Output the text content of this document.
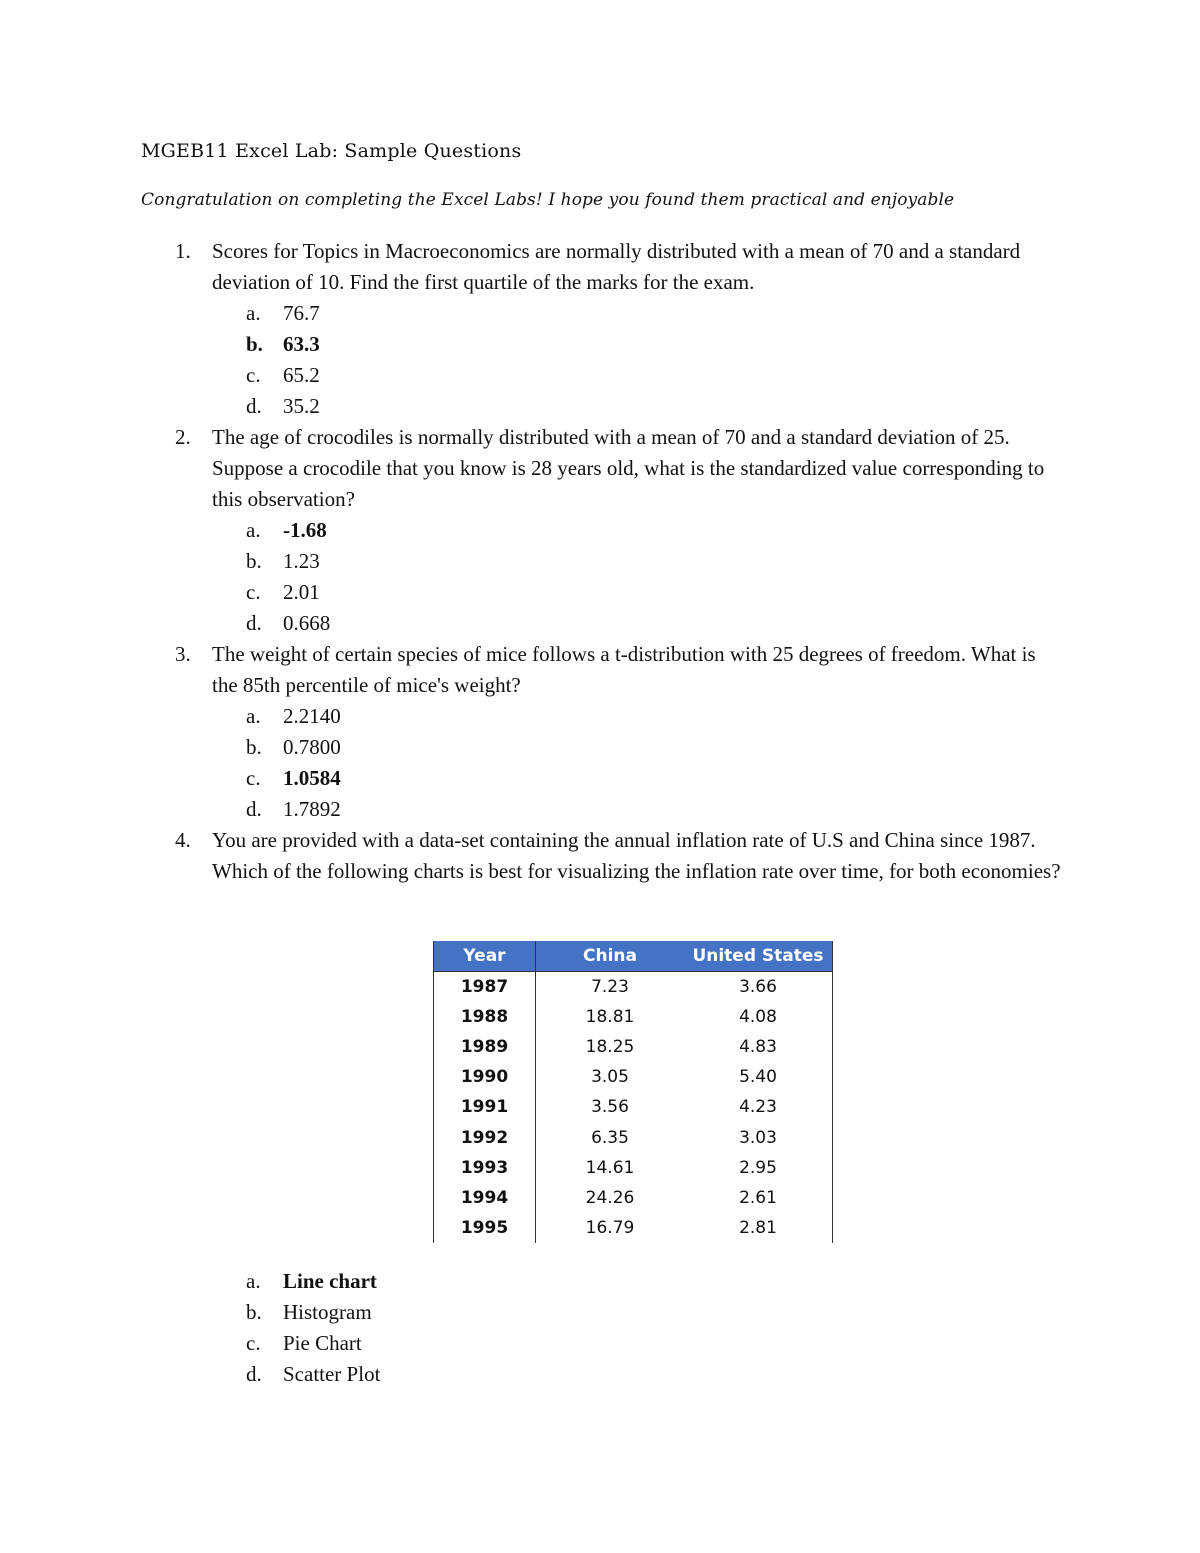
MGEB11 Excel Lab: Sample Questions

Congratulation on completing the Excel Labs! I hope you found them practical and enjoyable

1. Scores for Topics in Macroeconomics are normally distributed with a mean of 70 and a standard deviation of 10. Find the first quartile of the marks for the exam.
a. 76.7
b. 63.3
c. 65.2
d. 35.2
2. The age of crocodiles is normally distributed with a mean of 70 and a standard deviation of 25. Suppose a crocodile that you know is 28 years old, what is the standardized value corresponding to this observation?
a. -1.68
b. 1.23
c. 2.01
d. 0.668
3. The weight of certain species of mice follows a t-distribution with 25 degrees of freedom. What is the 85th percentile of mice's weight?
a. 2.2140
b. 0.7800
c. 1.0584
d. 1.7892
4. You are provided with a data-set containing the annual inflation rate of U.S and China since 1987. Which of the following charts is best for visualizing the inflation rate over time, for both economies?
Year	China	United States
1987	7.23	3.66
1988	18.81	4.08
1989	18.25	4.83
1990	3.05	5.40
1991	3.56	4.23
1992	6.35	3.03
1993	14.61	2.95
1994	24.26	2.61
1995	16.79	2.81
a. Line chart
b. Histogram
c. Pie Chart
d. Scatter Plot
